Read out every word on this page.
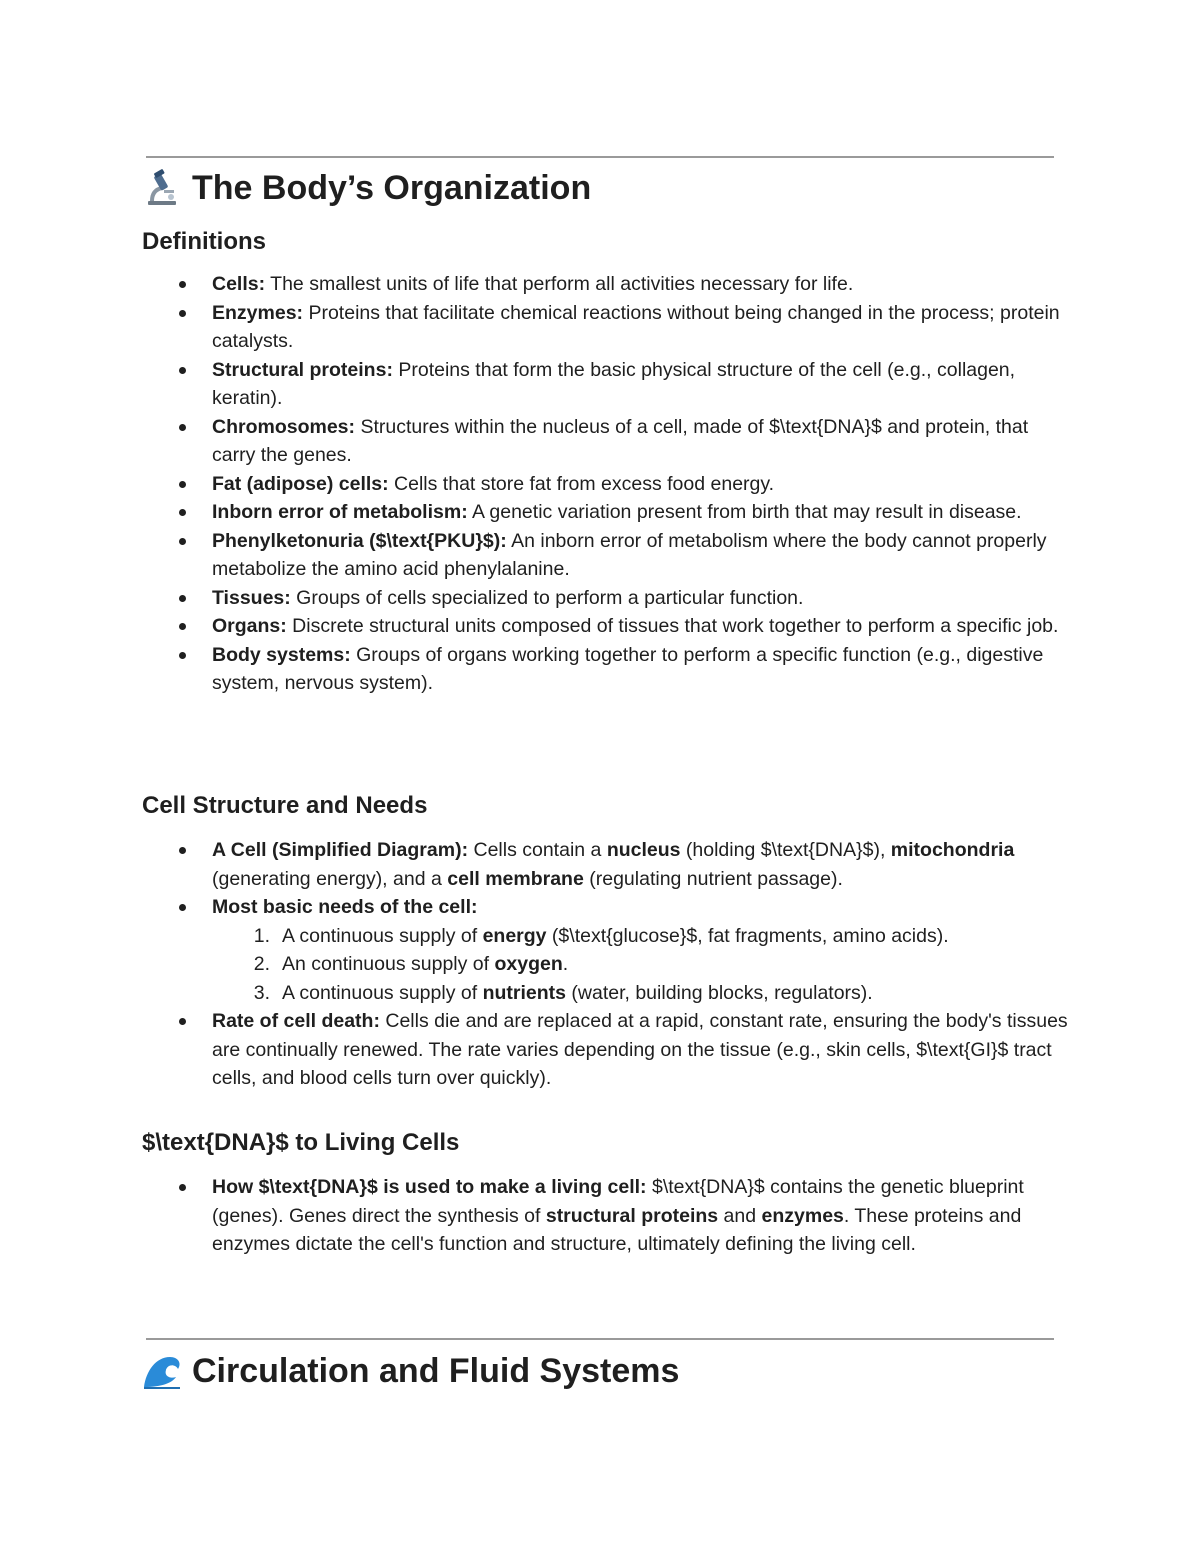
The Body’s Organization
Definitions
Cells: The smallest units of life that perform all activities necessary for life.
Enzymes: Proteins that facilitate chemical reactions without being changed in the process; protein catalysts.
Structural proteins: Proteins that form the basic physical structure of the cell (e.g., collagen, keratin).
Chromosomes: Structures within the nucleus of a cell, made of $\text{DNA}$ and protein, that carry the genes.
Fat (adipose) cells: Cells that store fat from excess food energy.
Inborn error of metabolism: A genetic variation present from birth that may result in disease.
Phenylketonuria ($\text{PKU}$): An inborn error of metabolism where the body cannot properly metabolize the amino acid phenylalanine.
Tissues: Groups of cells specialized to perform a particular function.
Organs: Discrete structural units composed of tissues that work together to perform a specific job.
Body systems: Groups of organs working together to perform a specific function (e.g., digestive system, nervous system).
Cell Structure and Needs
A Cell (Simplified Diagram): Cells contain a nucleus (holding $\text{DNA}$), mitochondria (generating energy), and a cell membrane (regulating nutrient passage).
Most basic needs of the cell:
1. A continuous supply of energy ($\text{glucose}$, fat fragments, amino acids).
2. An continuous supply of oxygen.
3. A continuous supply of nutrients (water, building blocks, regulators).
Rate of cell death: Cells die and are replaced at a rapid, constant rate, ensuring the body's tissues are continually renewed. The rate varies depending on the tissue (e.g., skin cells, $\text{GI}$ tract cells, and blood cells turn over quickly).
$\text{DNA}$ to Living Cells
How $\text{DNA}$ is used to make a living cell: $\text{DNA}$ contains the genetic blueprint (genes). Genes direct the synthesis of structural proteins and enzymes. These proteins and enzymes dictate the cell's function and structure, ultimately defining the living cell.
Circulation and Fluid Systems
